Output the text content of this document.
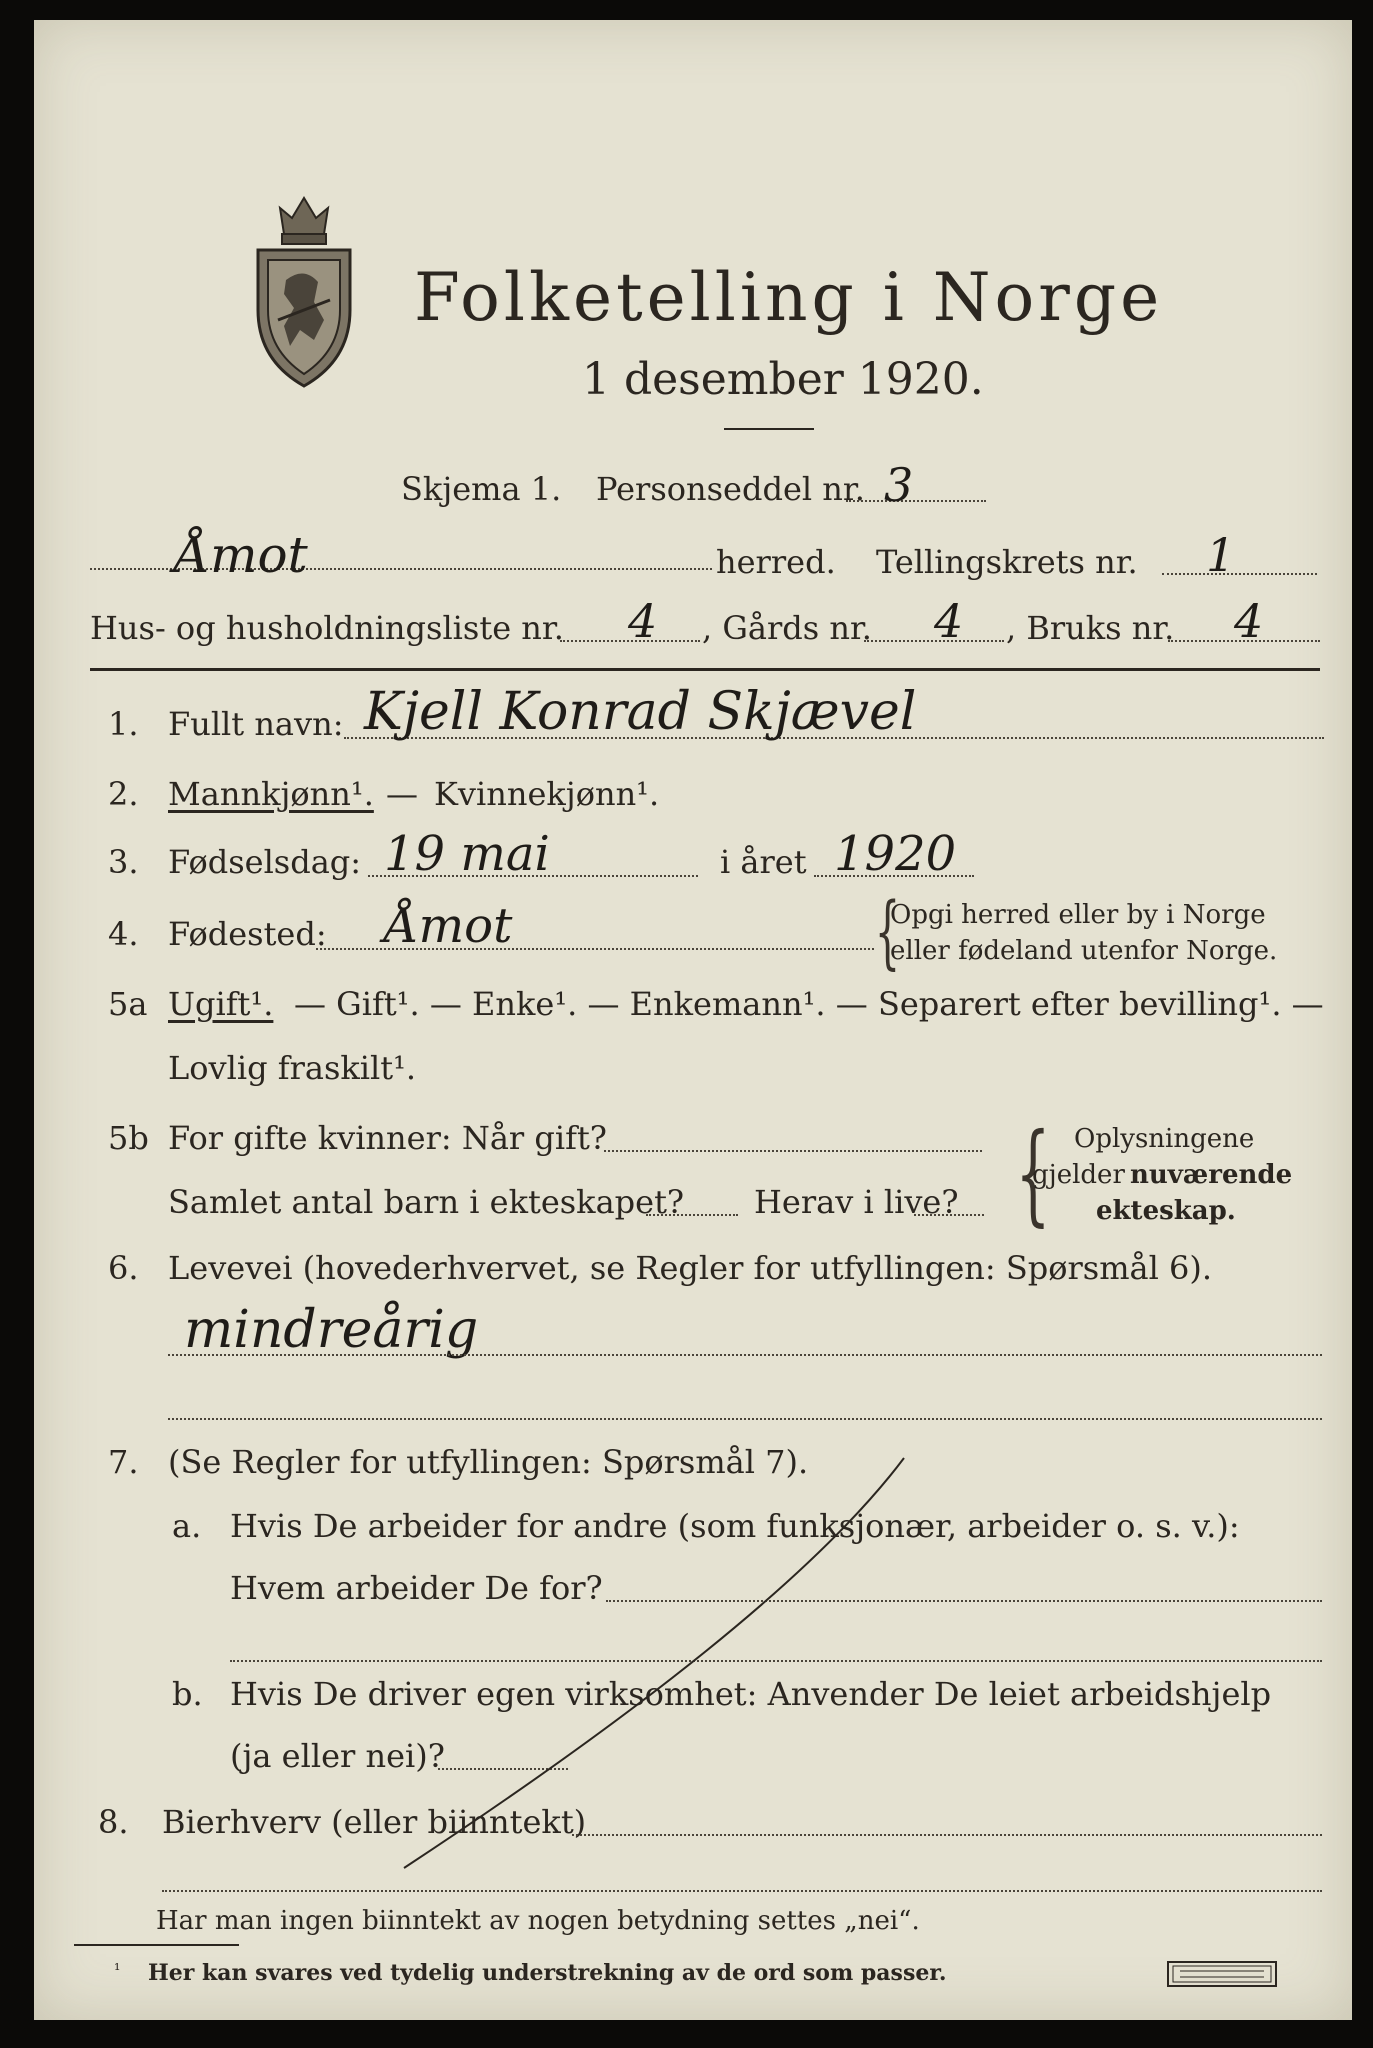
Folketelling i Norge
1 desember 1920.
Skjema 1. Personseddel nr. 3
Åmot	herred. Tellingskrets nr. 1
Hus- og husholdningsliste nr. 4 , Gårds nr. 4 , Bruks nr. 4
1. Fullt navn: Kjell Konrad Skjævel
2. Mannkjønn¹. — Kvinnekjønn¹.
3. Fødselsdag: 19 mai	i året 1920
4. Fødested: Åmot	{
Opgi herred eller by i Norge
eller fødeland utenfor Norge.
5a Ugift¹. — Gift¹. — Enke¹. — Enkemann¹. — Separert efter bevilling¹. —
Lovlig fraskilt¹.
5b For gifte kvinner: Når gift?
Samlet antal barn i ekteskapet? Herav i live? { Oplysningene
gjelder nuværende
ekteskap.
6. Levevei (hovederhvervet, se Regler for utfyllingen: Spørsmål 6).
mindreårig
7. (Se Regler for utfyllingen: Spørsmål 7).
a. Hvis De arbeider for andre (som funksjonær, arbeider o. s. v.):
Hvem arbeider De for?
b. Hvis De driver egen virksomhet: Anvender De leiet arbeidshjelp
(ja eller nei)?
8. Bierhverv (eller biinntekt)
Har man ingen biinntekt av nogen betydning settes „nei“.
¹ Her kan svares ved tydelig understrekning av de ord som passer.
